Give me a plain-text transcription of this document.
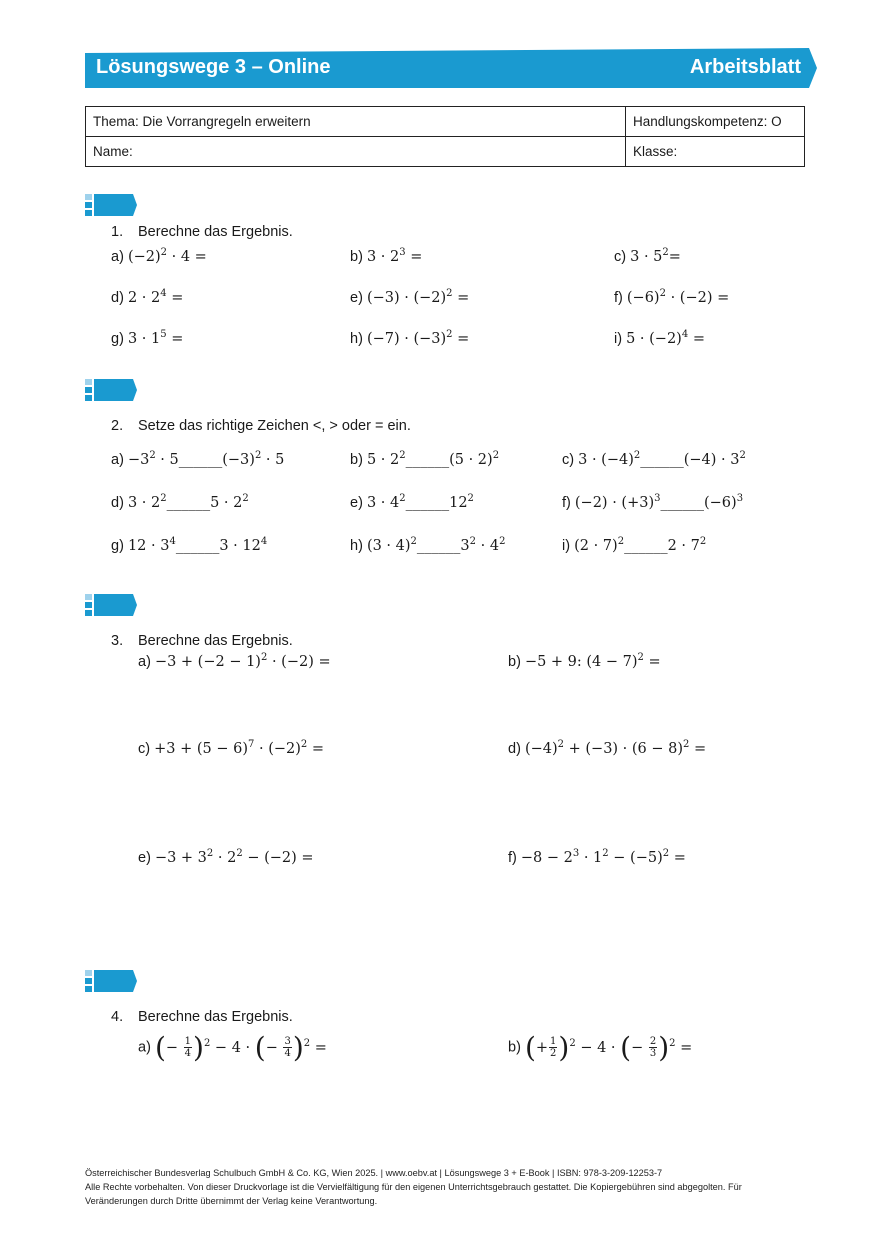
Lösungswege 3 – Online	Arbeitsblatt
Thema: Die Vorrangregeln erweitern	Handlungskompetenz: O
Name:	Klasse:
1. Berechne das Ergebnis.
a) $(-2)^2 \cdot 4$ =	b) $3 \cdot 2^3$ =	c) $3 \cdot 5^2=$
d) $2 \cdot 2^4$ =	e) $(-3) \cdot (-2)^2$ =	f) $(-6)^2 \cdot (-2)$ =
g) $3 \cdot 1^5$ =	h) $(-7) \cdot (-3)^2$ =	i) $5 \cdot (-2)^4$ =
2. Setze das richtige Zeichen <, > oder = ein.
$a) -3^2$ · $5\_\_\_\_\_\_(-3)^2 \cdot 5$	b) $5 \cdot 2^2\_\_\_\_\_\_(5 \cdot 2)^2$	c) $3 \cdot (-4)^2\_\_\_\_\_\_(-4) \cdot 3^2$
d) $3 \cdot 2^2\_\_\_\_\_\_5 \cdot 2^2$	e) $3 \cdot 4^2\_\_\_\_\_\_12^2$	f) $(-2) \cdot (+3)^3\_\_\_\_\_\_(-6)^3$
g) $12 \cdot 3^4\_\_\_\_\_\_3 \cdot 12^4$	h) $(3 \cdot 4)^2\_\_\_\_\_\_3^2 \cdot 4^2$	i) $(2 \cdot 7)^2\_\_\_\_\_\_2 \cdot 7^2$
3. Berechne das Ergebnis.
$a) -3 + (-2 - 1)^2 \cdot (-2)$ =	b) −5 + 9: $(4 - 7)^2$ =
$c) +3 + (5 - 6)^7 \cdot (-2)^2$ =	d) $(-4)^2 + (-3) \cdot (6 - 8)^2$ =
$e) -3 + 3^2 \cdot 2^2 - (-2)$ =	$f) -8 - 2^3 \cdot 1^2 - (-5)^2$ =
4. Berechne das Ergebnis.
a) (− $\frac{1}{4} )^2 - 4$ · (− $\frac{3}{4} )^2$ =	b) (+ $\frac{1}{2} )^2 - 4$ · (− $\frac{2}{3} )^2$ =
Österreichischer Bundesverlag Schulbuch GmbH & Co. KG, Wien 2025. | www.oebv.at | Lösungswege 3 + E-Book | ISBN: 978-3-209-12253-7
Alle Rechte vorbehalten. Von dieser Druckvorlage ist die Vervielfältigung für den eigenen Unterrichtsgebrauch gestattet. Die Kopiergebühren sind abgegolten. Für
Veränderungen durch Dritte übernimmt der Verlag keine Verantwortung.
